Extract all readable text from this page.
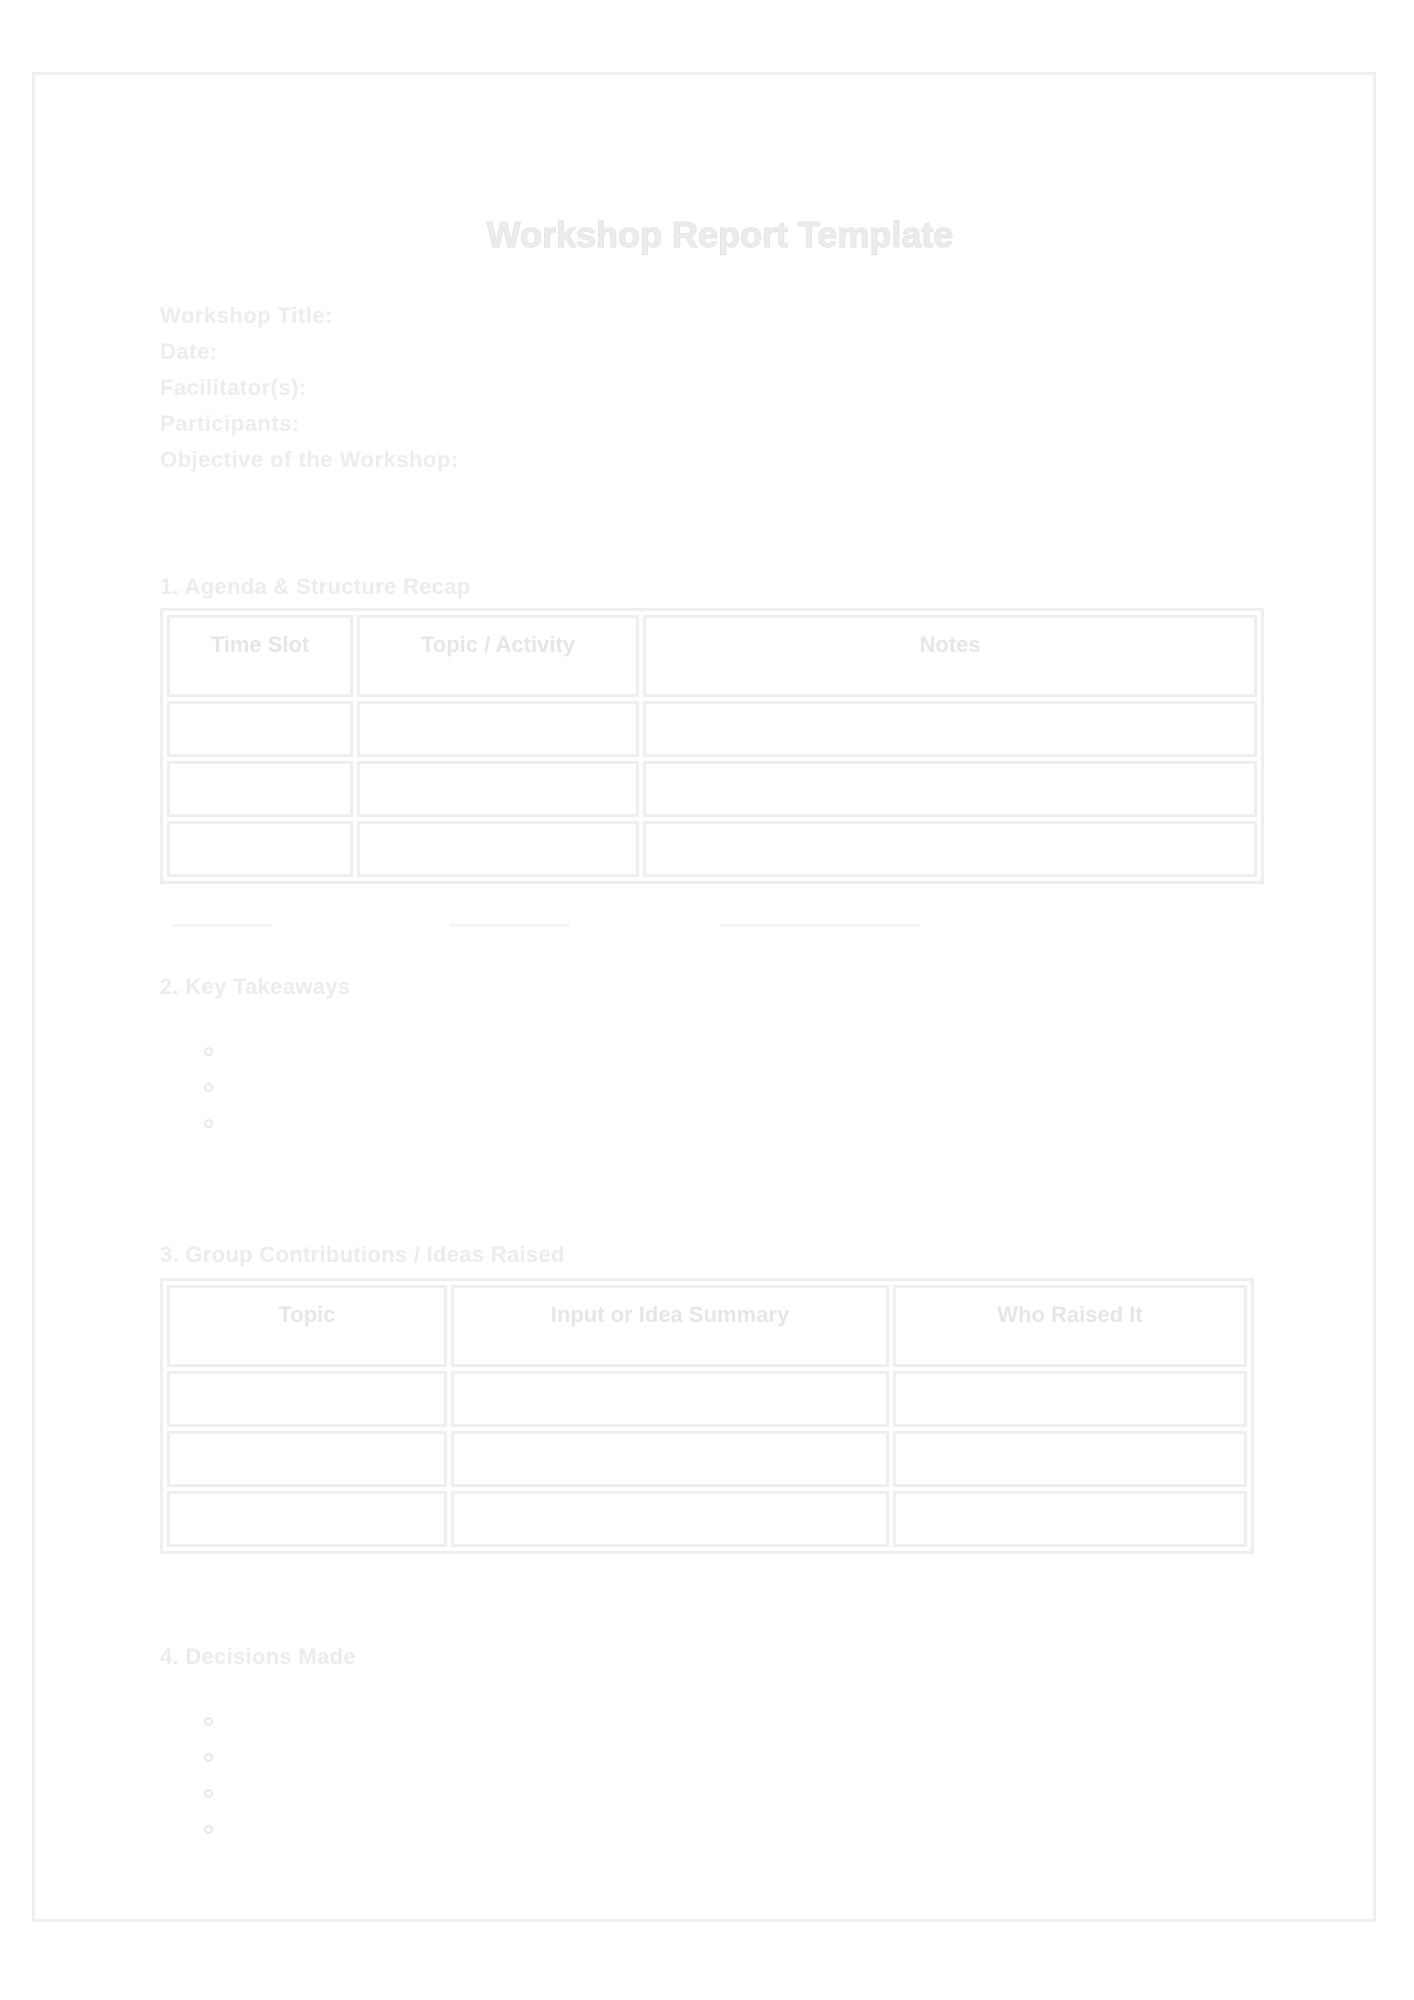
Workshop Report Template
Workshop Title:
Date:
Facilitator(s):
Participants:
Objective of the Workshop:
1. Agenda & Structure Recap
Time Slot	Topic / Activity	Notes

2. Key Takeaways
3. Group Contributions / Ideas Raised
Topic	Input or Idea Summary	Who Raised It

4. Decisions Made
